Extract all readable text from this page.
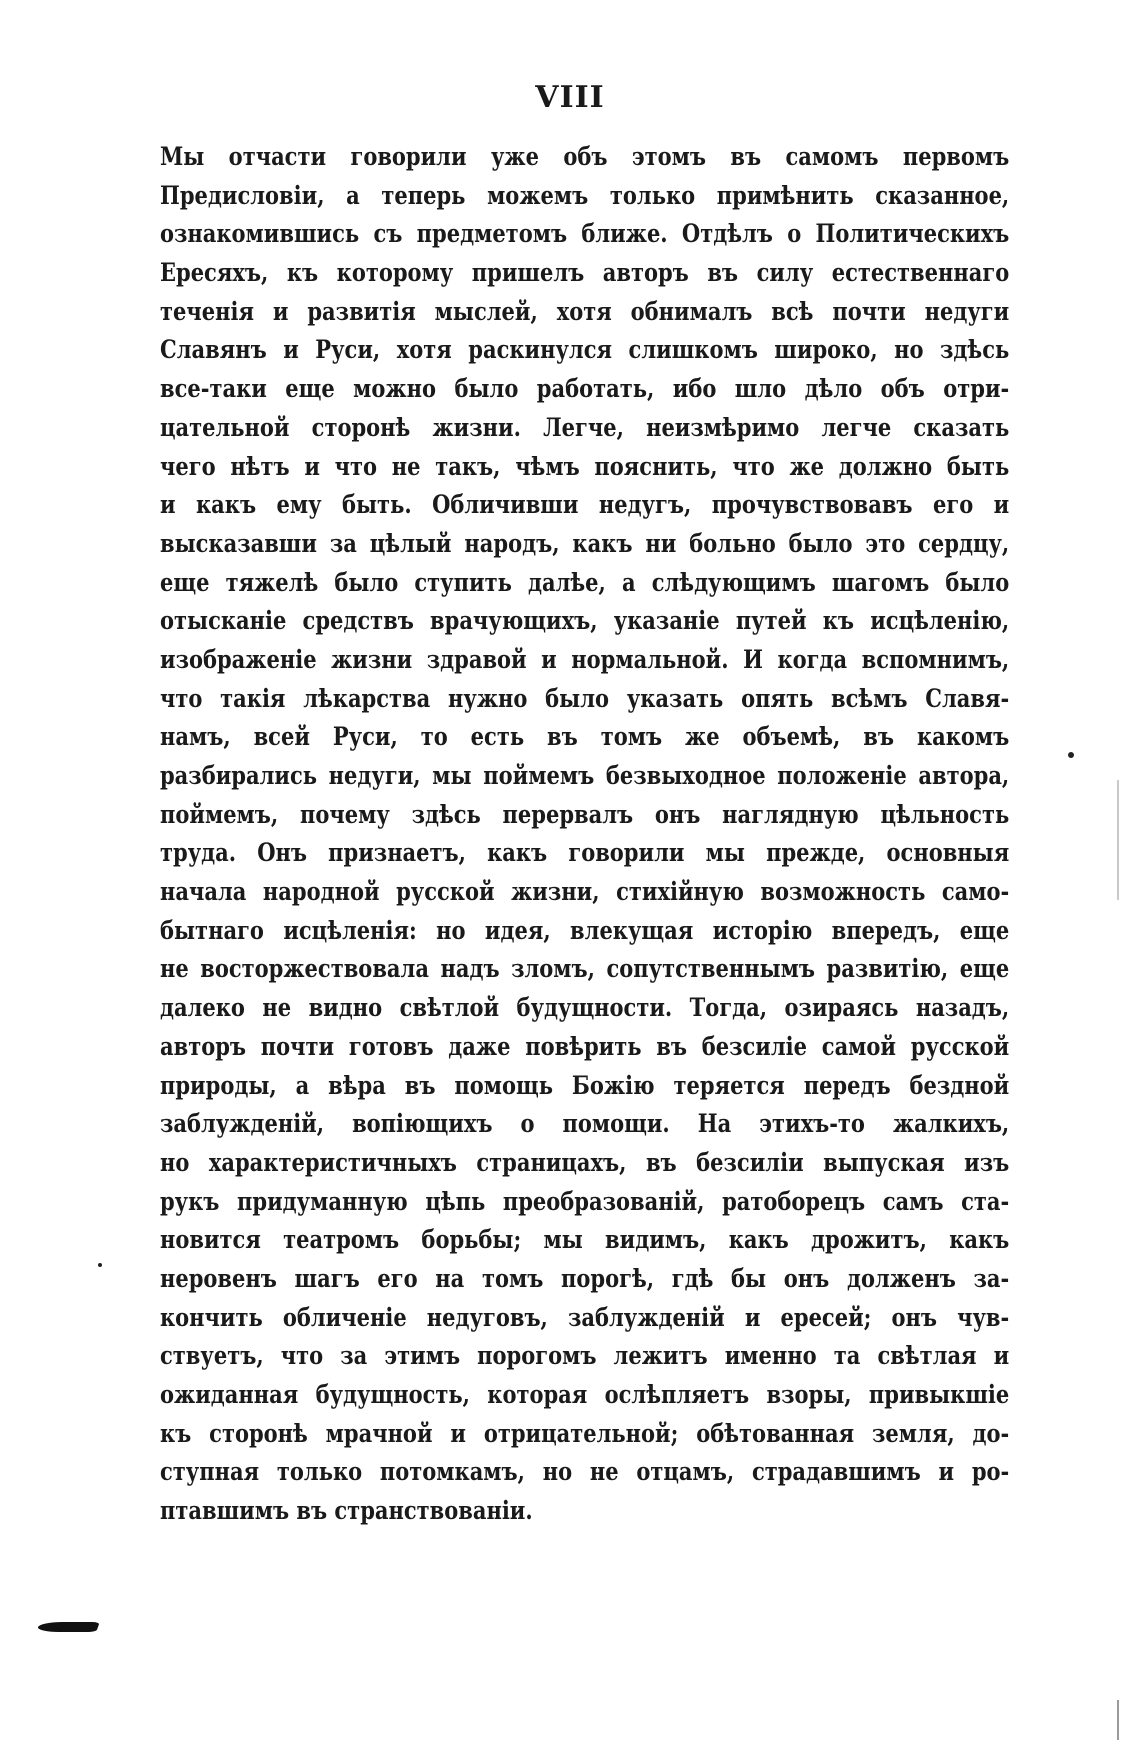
VIII
Мы отчасти говорили уже объ этомъ въ самомъ первомъ
Предисловіи, а теперь можемъ только примѣнить сказанное,
ознакомившись съ предметомъ ближе. Отдѣлъ о Политическихъ
Ересяхъ, къ которому пришелъ авторъ въ силу естественнаго
теченія и развитія мыслей, хотя обнималъ всѣ почти недуги
Славянъ и Руси, хотя раскинулся слишкомъ широко, но здѣсь
все-таки еще можно было работать, ибо шло дѣло объ отри-
цательной сторонѣ жизни. Легче, неизмѣримо легче сказать
чего нѣтъ и что не такъ, чѣмъ пояснить, что же должно быть
и какъ ему быть. Обличивши недугъ, прочувствовавъ его и
высказавши за цѣлый народъ, какъ ни больно было это сердцу,
еще тяжелѣ было ступить далѣе, а слѣдующимъ шагомъ было
отысканіе средствъ врачующихъ, указаніе путей къ исцѣленію,
изображеніе жизни здравой и нормальной. И когда вспомнимъ,
что такія лѣкарства нужно было указать опять всѣмъ Славя-
намъ, всей Руси, то есть въ томъ же объемѣ, въ какомъ
разбирались недуги, мы поймемъ безвыходное положеніе автора,
поймемъ, почему здѣсь перервалъ онъ наглядную цѣльность
труда. Онъ признаетъ, какъ говорили мы прежде, основныя
начала народной русской жизни, стихійную возможность само-
бытнаго исцѣленія: но идея, влекущая исторію впередъ, еще
не восторжествовала надъ зломъ, сопутственнымъ развитію, еще
далеко не видно свѣтлой будущности. Тогда, озираясь назадъ,
авторъ почти готовъ даже повѣрить въ безсиліе самой русской
природы, а вѣра въ помощь Божію теряется передъ бездной
заблужденій, вопіющихъ о помощи. На этихъ-то жалкихъ,
но характеристичныхъ страницахъ, въ безсиліи выпуская изъ
рукъ придуманную цѣпь преобразованій, ратоборецъ самъ ста-
новится театромъ борьбы; мы видимъ, какъ дрожитъ, какъ
неровенъ шагъ его на томъ порогѣ, гдѣ бы онъ долженъ за-
кончить обличеніе недуговъ, заблужденій и ересей; онъ чув-
ствуетъ, что за этимъ порогомъ лежитъ именно та свѣтлая и
ожиданная будущность, которая ослѣпляетъ взоры, привыкшіе
къ сторонѣ мрачной и отрицательной; обѣтованная земля, до-
ступная только потомкамъ, но не отцамъ, страдавшимъ и ро-
птавшимъ въ странствованіи.
